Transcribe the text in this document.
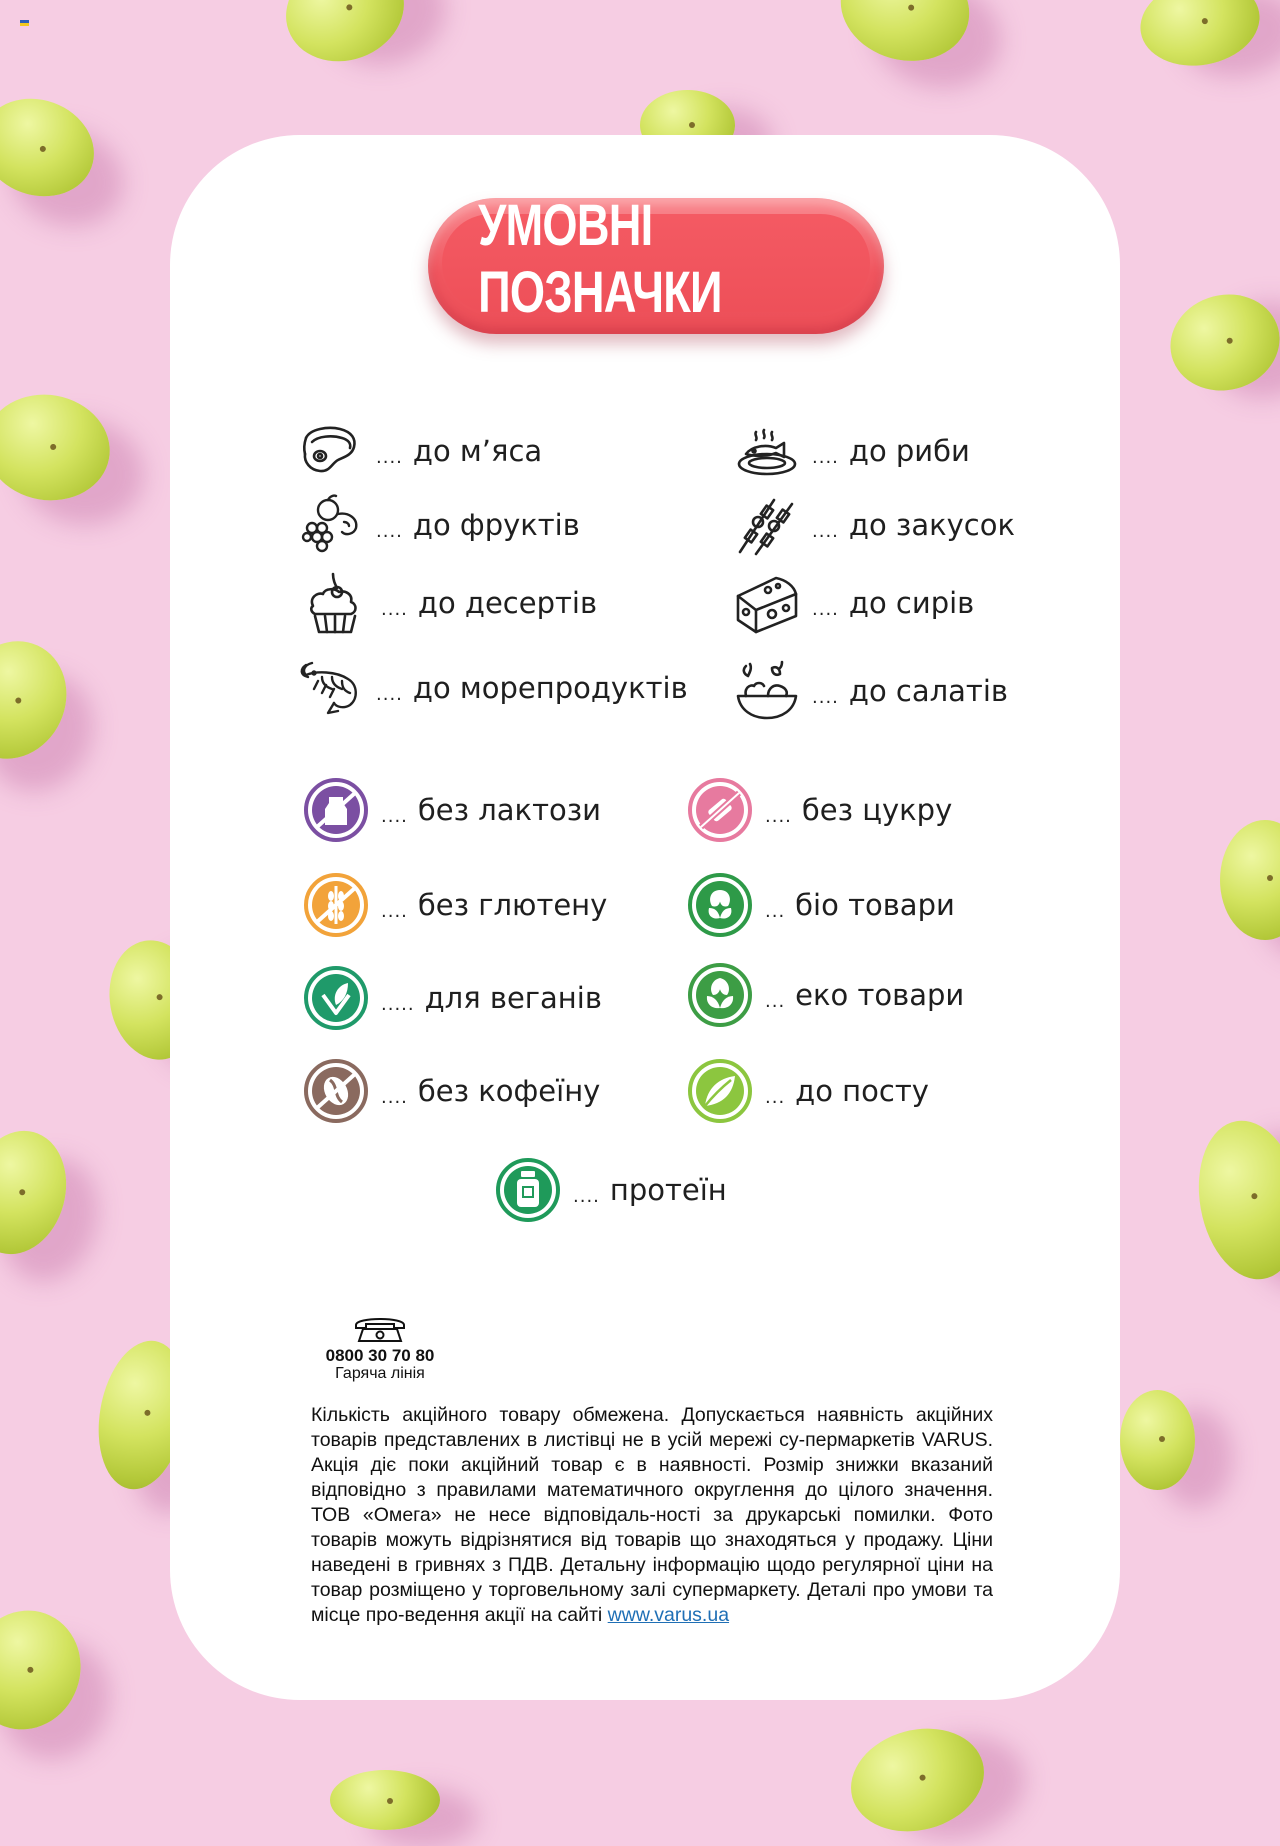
УМОВНІ ПОЗНАЧКИ
.... до м’яса	.... до риби
.... до фруктів	.... до закусок
.... до десертів	.... до сирів
.... до морепродуктів	.... до салатів
.... без лактози	.... без цукру
.... без глютену	... біо товари
..... для веганів	... еко товари
.... без кофеїну	... до посту
.... протеїн
0800 30 70 80
Гаряча лінія
Кількість акційного товару обмежена. Допускається наявність акційних товарів представлених в листівці не в усій мережі су-пермаркетів VARUS. Акція діє поки акційний товар є в наявності. Розмір знижки вказаний відповідно з правилами математичного округлення до цілого значення. ТОВ «Омега» не несе відповідаль-ності за друкарські помилки. Фото товарів можуть відрізнятися від товарів що знаходяться у продажу. Ціни наведені в гривнях з ПДВ. Детальну інформацію щодо регулярної ціни на товар розміщено у торговельному залі супермаркету. Деталі про умови та місце про-ведення акції на сайті www.varus.ua
